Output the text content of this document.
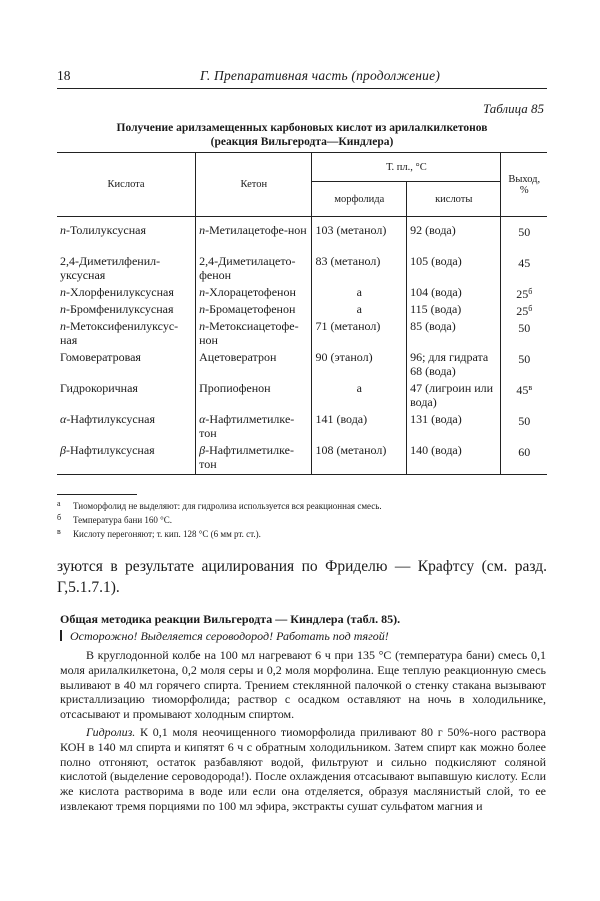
18	Г. Препаративная часть (продолжение)
Таблица 85
Получение арилзамещенных карбоновых кислот из арилалкилкетонов
(реакция Вильгеродта—Киндлера)
Кислота	Кетон	Т. пл., °С		Выход, %
		морфолида	кислоты	

n-Толилуксусная	n-Метилацетофе-нон	103 (метанол)	92 (вода)	50
2,4-Диметилфенил-уксусная	2,4-Диметилацето-фенон	83 (метанол)	105 (вода)	45
n-Хлорфенилуксусная	n-Хлорацетофенон	а	104 (вода)	$25^б$
n-Бромфенилуксусная	n-Бромацетофенон	а	115 (вода)	$25^б$
n-Метоксифенилуксус-ная	n-Метоксиацетофе-нон	71 (метанол)	85 (вода)	50
Гомовератровая	Ацетовератрон	90 (этанол)	96; для гидрата 68 (вода)	50
Гидрокоричная	Пропиофенон	а	47 (лигроин или вода)	$45^в$
α-Нафтилуксусная	α-Нафтилметилке-тон	141 (вода)	131 (вода)	50
β-Нафтилуксусная	β-Нафтилметилке-тон	108 (метанол)	140 (вода)	60
а Тиоморфолид не выделяют: для гидролиза используется вся реакционная смесь.
б Температура бани 160 °С.
в Кислоту перегоняют; т. кип. 128 °С (6 мм рт. ст.).
зуются в результате ацилирования по Фриделю — Крафтсу (см. разд. Г,5.1.7.1).
Общая методика реакции Вильгеродта — Киндлера (табл. 85).
Осторожно! Выделяется сероводород! Работать под тягой!
В круглодонной колбе на 100 мл нагревают 6 ч при 135 °С (температура бани) смесь 0,1 моля арилалкилкетона, 0,2 моля серы и 0,2 моля морфолина. Еще теплую реакционную смесь выливают в 40 мл горячего спирта. Трением стеклянной палочкой о стенку стакана вызывают кристаллизацию тиоморфолида; раствор с осадком оставляют на ночь в холодильнике, отсасывают и промывают холодным спиртом.
Гидролиз. К 0,1 моля неочищенного тиоморфолида приливают 80 г 50%-ного раствора КОН в 140 мл спирта и кипятят 6 ч с обратным холодильником. Затем спирт как можно более полно отгоняют, остаток разбавляют водой, фильтруют и сильно подкисляют соляной кислотой (выделение сероводорода!). После охлаждения отсасывают выпавшую кислоту. Если же кислота растворима в воде или если она отделяется, образуя маслянистый слой, то ее извлекают тремя порциями по 100 мл эфира, экстракты сушат сульфатом магния и
